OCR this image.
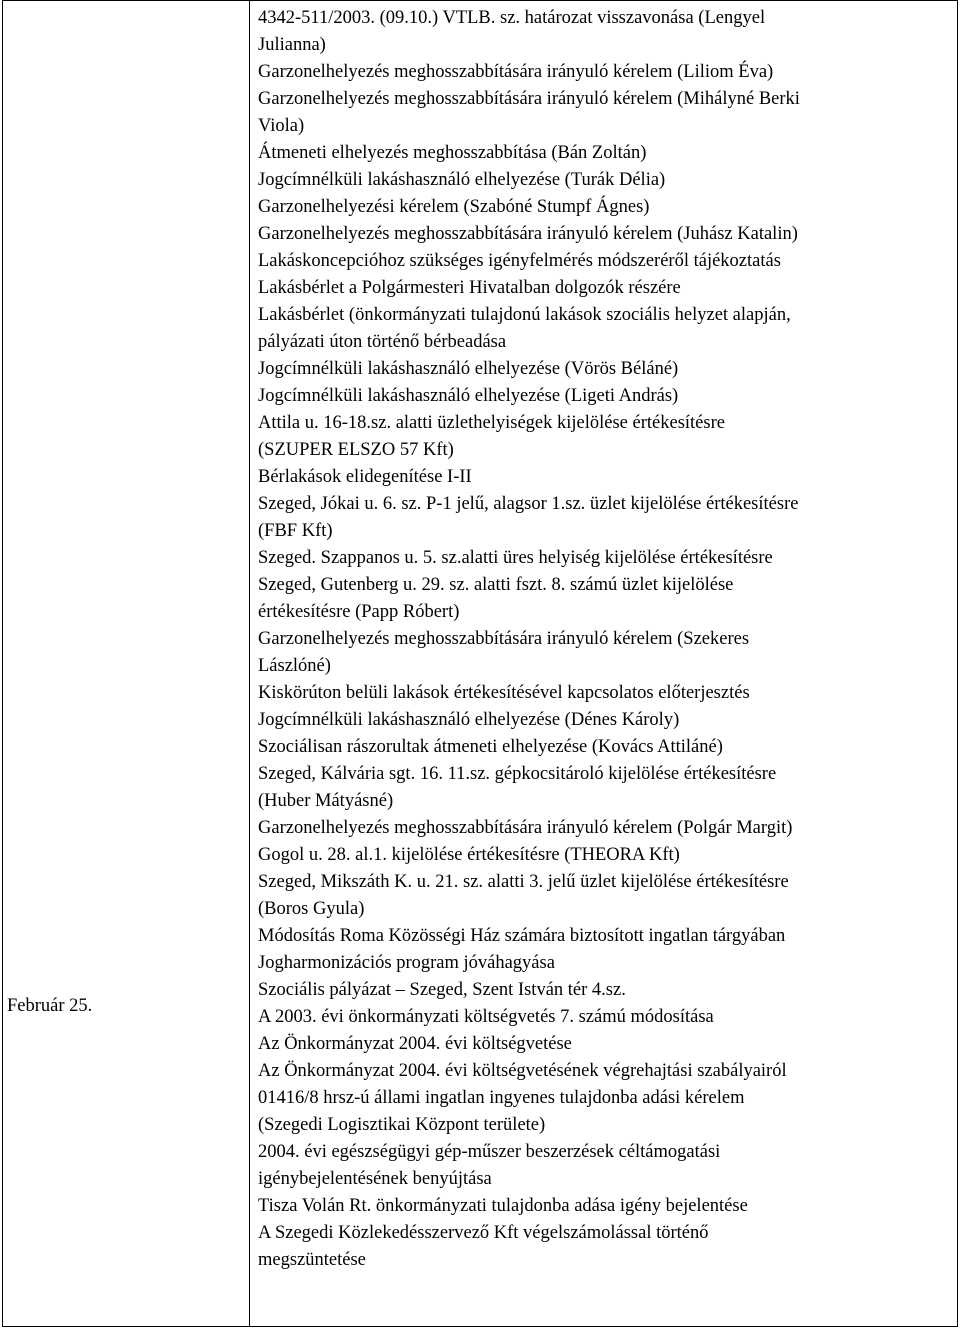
Február 25.
4342-511/2003. (09.10.) VTLB. sz. határozat visszavonása (Lengyel
Julianna)
Garzonelhelyezés meghosszabbítására irányuló kérelem (Liliom Éva)
Garzonelhelyezés meghosszabbítására irányuló kérelem (Mihályné Berki
Viola)
Átmeneti elhelyezés meghosszabbítása (Bán Zoltán)
Jogcímnélküli lakáshasználó elhelyezése (Turák Délia)
Garzonelhelyezési kérelem (Szabóné Stumpf Ágnes)
Garzonelhelyezés meghosszabbítására irányuló kérelem (Juhász Katalin)
Lakáskoncepcióhoz szükséges igényfelmérés módszeréről tájékoztatás
Lakásbérlet a Polgármesteri Hivatalban dolgozók részére
Lakásbérlet (önkormányzati tulajdonú lakások szociális helyzet alapján,
pályázati úton történő bérbeadása
Jogcímnélküli lakáshasználó elhelyezése (Vörös Béláné)
Jogcímnélküli lakáshasználó elhelyezése (Ligeti András)
Attila u. 16-18.sz. alatti üzlethelyiségek kijelölése értékesítésre
(SZUPER ELSZO 57 Kft)
Bérlakások elidegenítése I-II
Szeged, Jókai u. 6. sz. P-1 jelű, alagsor 1.sz. üzlet kijelölése értékesítésre
(FBF Kft)
Szeged. Szappanos u. 5. sz.alatti üres helyiség kijelölése értékesítésre
Szeged, Gutenberg u. 29. sz. alatti fszt. 8. számú üzlet kijelölése
értékesítésre (Papp Róbert)
Garzonelhelyezés meghosszabbítására irányuló kérelem (Szekeres
Lászlóné)
Kiskörúton belüli lakások értékesítésével kapcsolatos előterjesztés
Jogcímnélküli lakáshasználó elhelyezése (Dénes Károly)
Szociálisan rászorultak átmeneti elhelyezése (Kovács Attiláné)
Szeged, Kálvária sgt. 16. 11.sz. gépkocsitároló kijelölése értékesítésre
(Huber Mátyásné)
Garzonelhelyezés meghosszabbítására irányuló kérelem (Polgár Margit)
Gogol u. 28. al.1. kijelölése értékesítésre (THEORA Kft)
Szeged, Mikszáth K. u. 21. sz. alatti 3. jelű üzlet kijelölése értékesítésre
(Boros Gyula)
Módosítás Roma Közösségi Ház számára biztosított ingatlan tárgyában
Jogharmonizációs program jóváhagyása
Szociális pályázat – Szeged, Szent István tér 4.sz.
A 2003. évi önkormányzati költségvetés 7. számú módosítása
Az Önkormányzat 2004. évi költségvetése
Az Önkormányzat 2004. évi költségvetésének végrehajtási szabályairól
01416/8 hrsz-ú állami ingatlan ingyenes tulajdonba adási kérelem
(Szegedi Logisztikai Központ területe)
2004. évi egészségügyi gép-műszer beszerzések céltámogatási
igénybejelentésének benyújtása
Tisza Volán Rt. önkormányzati tulajdonba adása igény bejelentése
A Szegedi Közlekedésszervező Kft végelszámolással történő
megszüntetése
